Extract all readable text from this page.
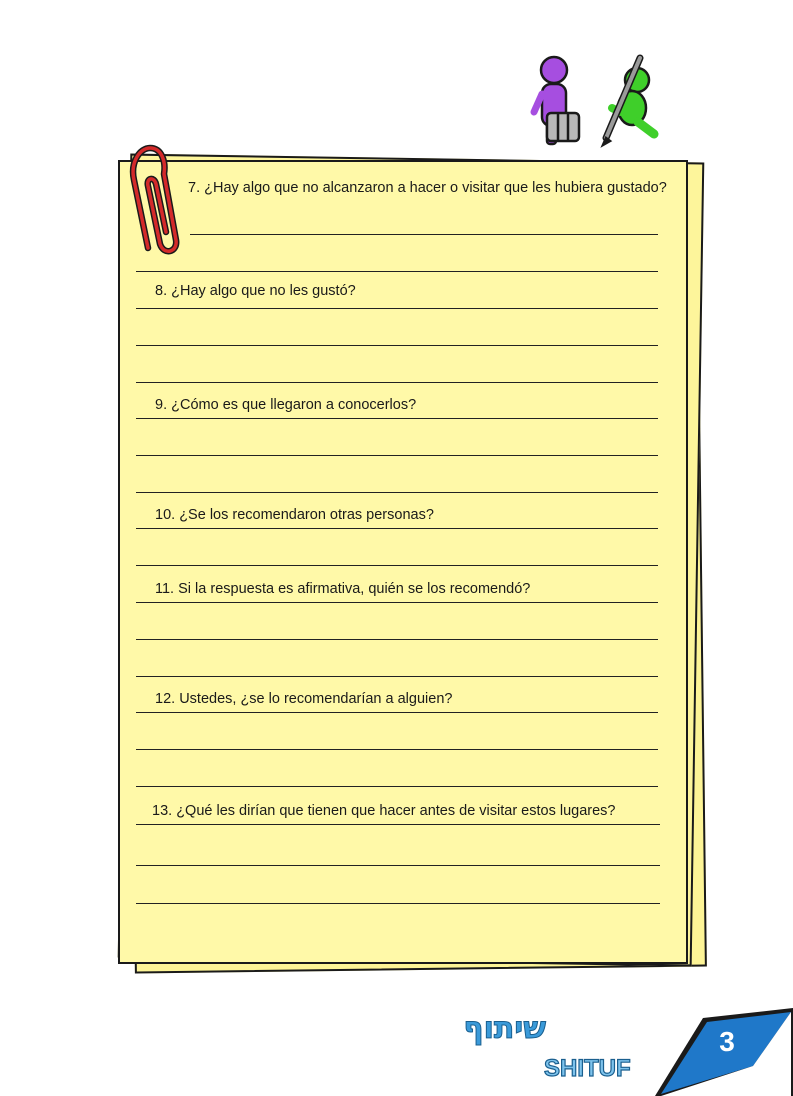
7. ¿Hay algo que no alcanzaron a hacer o visitar que les hubiera gustado?

8. ¿Hay algo que no les gustó?

9. ¿Cómo es que llegaron a conocerlos?

10. ¿Se los recomendaron otras personas?

11. Si la respuesta es afirmativa, quién se los recomendó?

12. Ustedes, ¿se lo recomendarían a alguien?

13. ¿Qué les dirían que tienen que hacer antes de visitar estos lugares?

שיתוף
SHITUF
3
